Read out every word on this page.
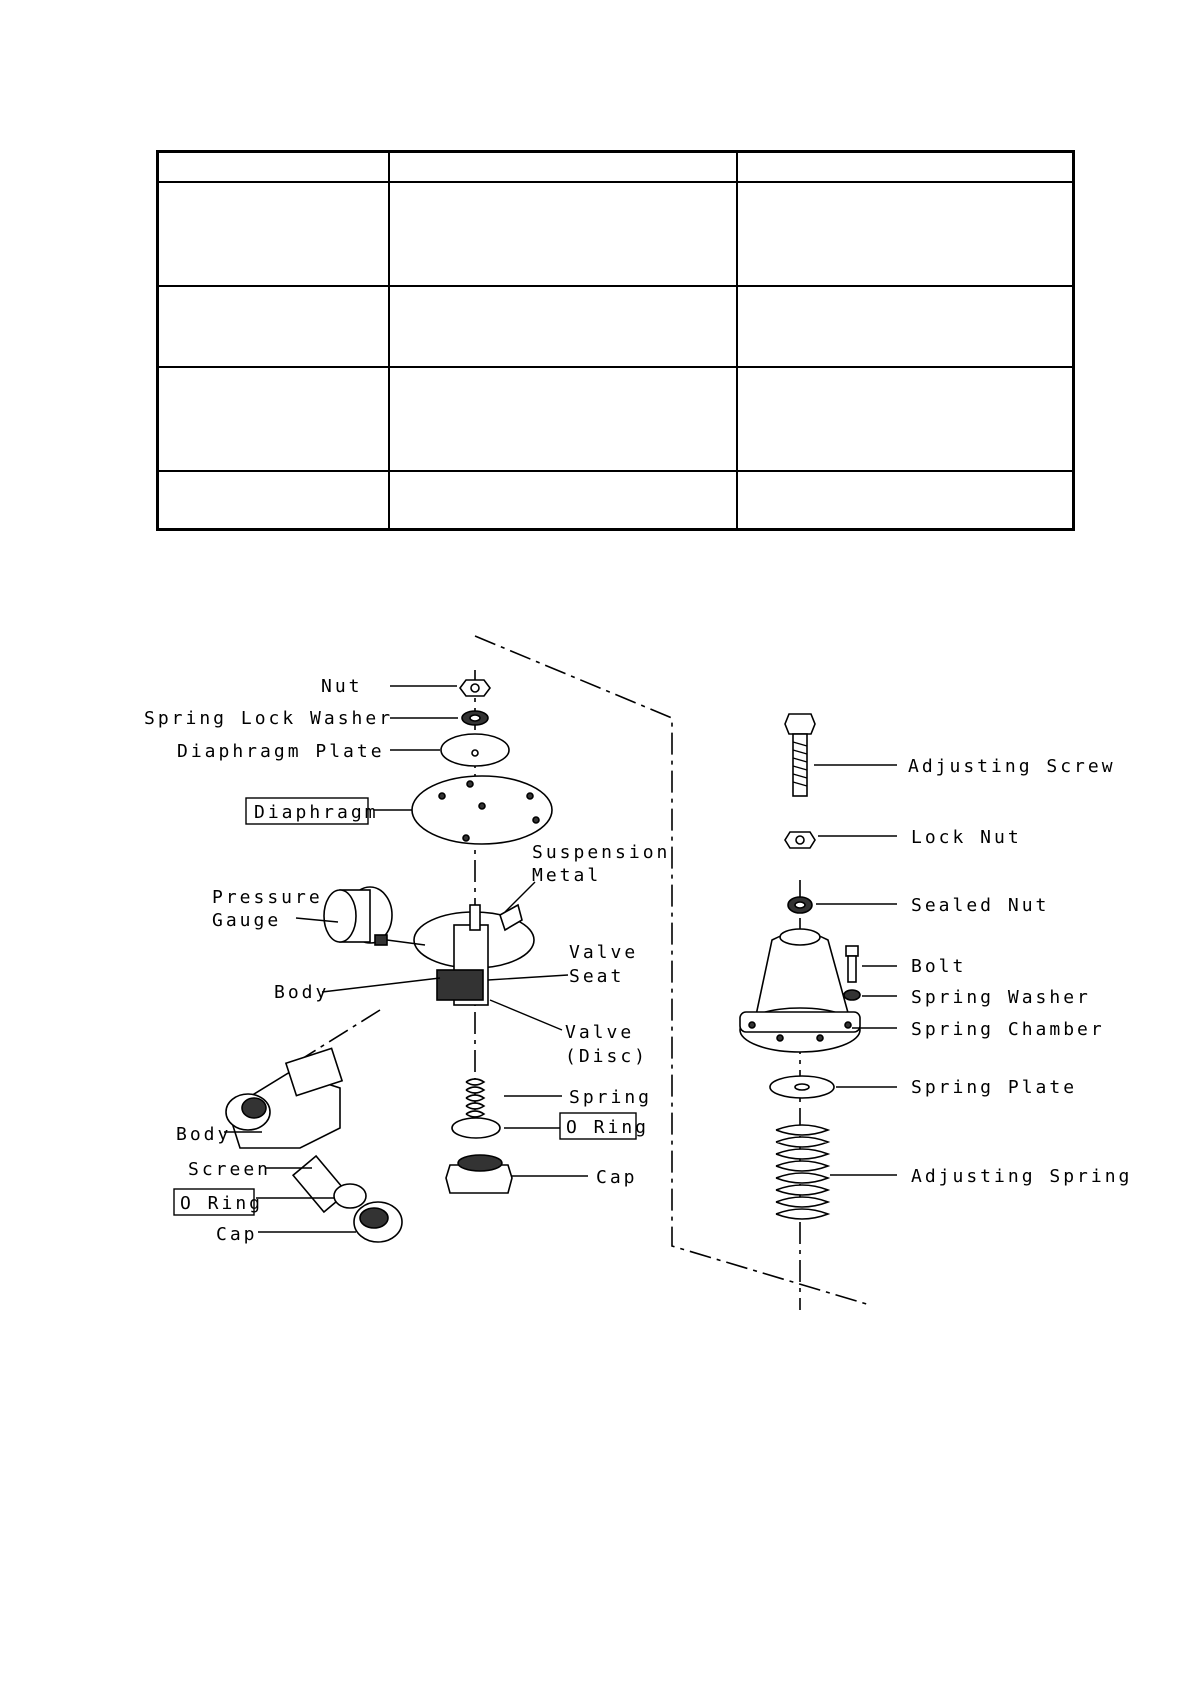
Nut
Spring Lock Washer
Diaphragm Plate
Diaphragm
Suspension
Metal
Pressure
Gauge
Valve
Seat
Body
Valve
(Disc)
Spring
O Ring
Cap
Body
Screen
O Ring
Cap
Adjusting Screw
Lock Nut
Sealed Nut
Bolt
Spring Washer
Spring Chamber
Spring Plate
Adjusting Spring
